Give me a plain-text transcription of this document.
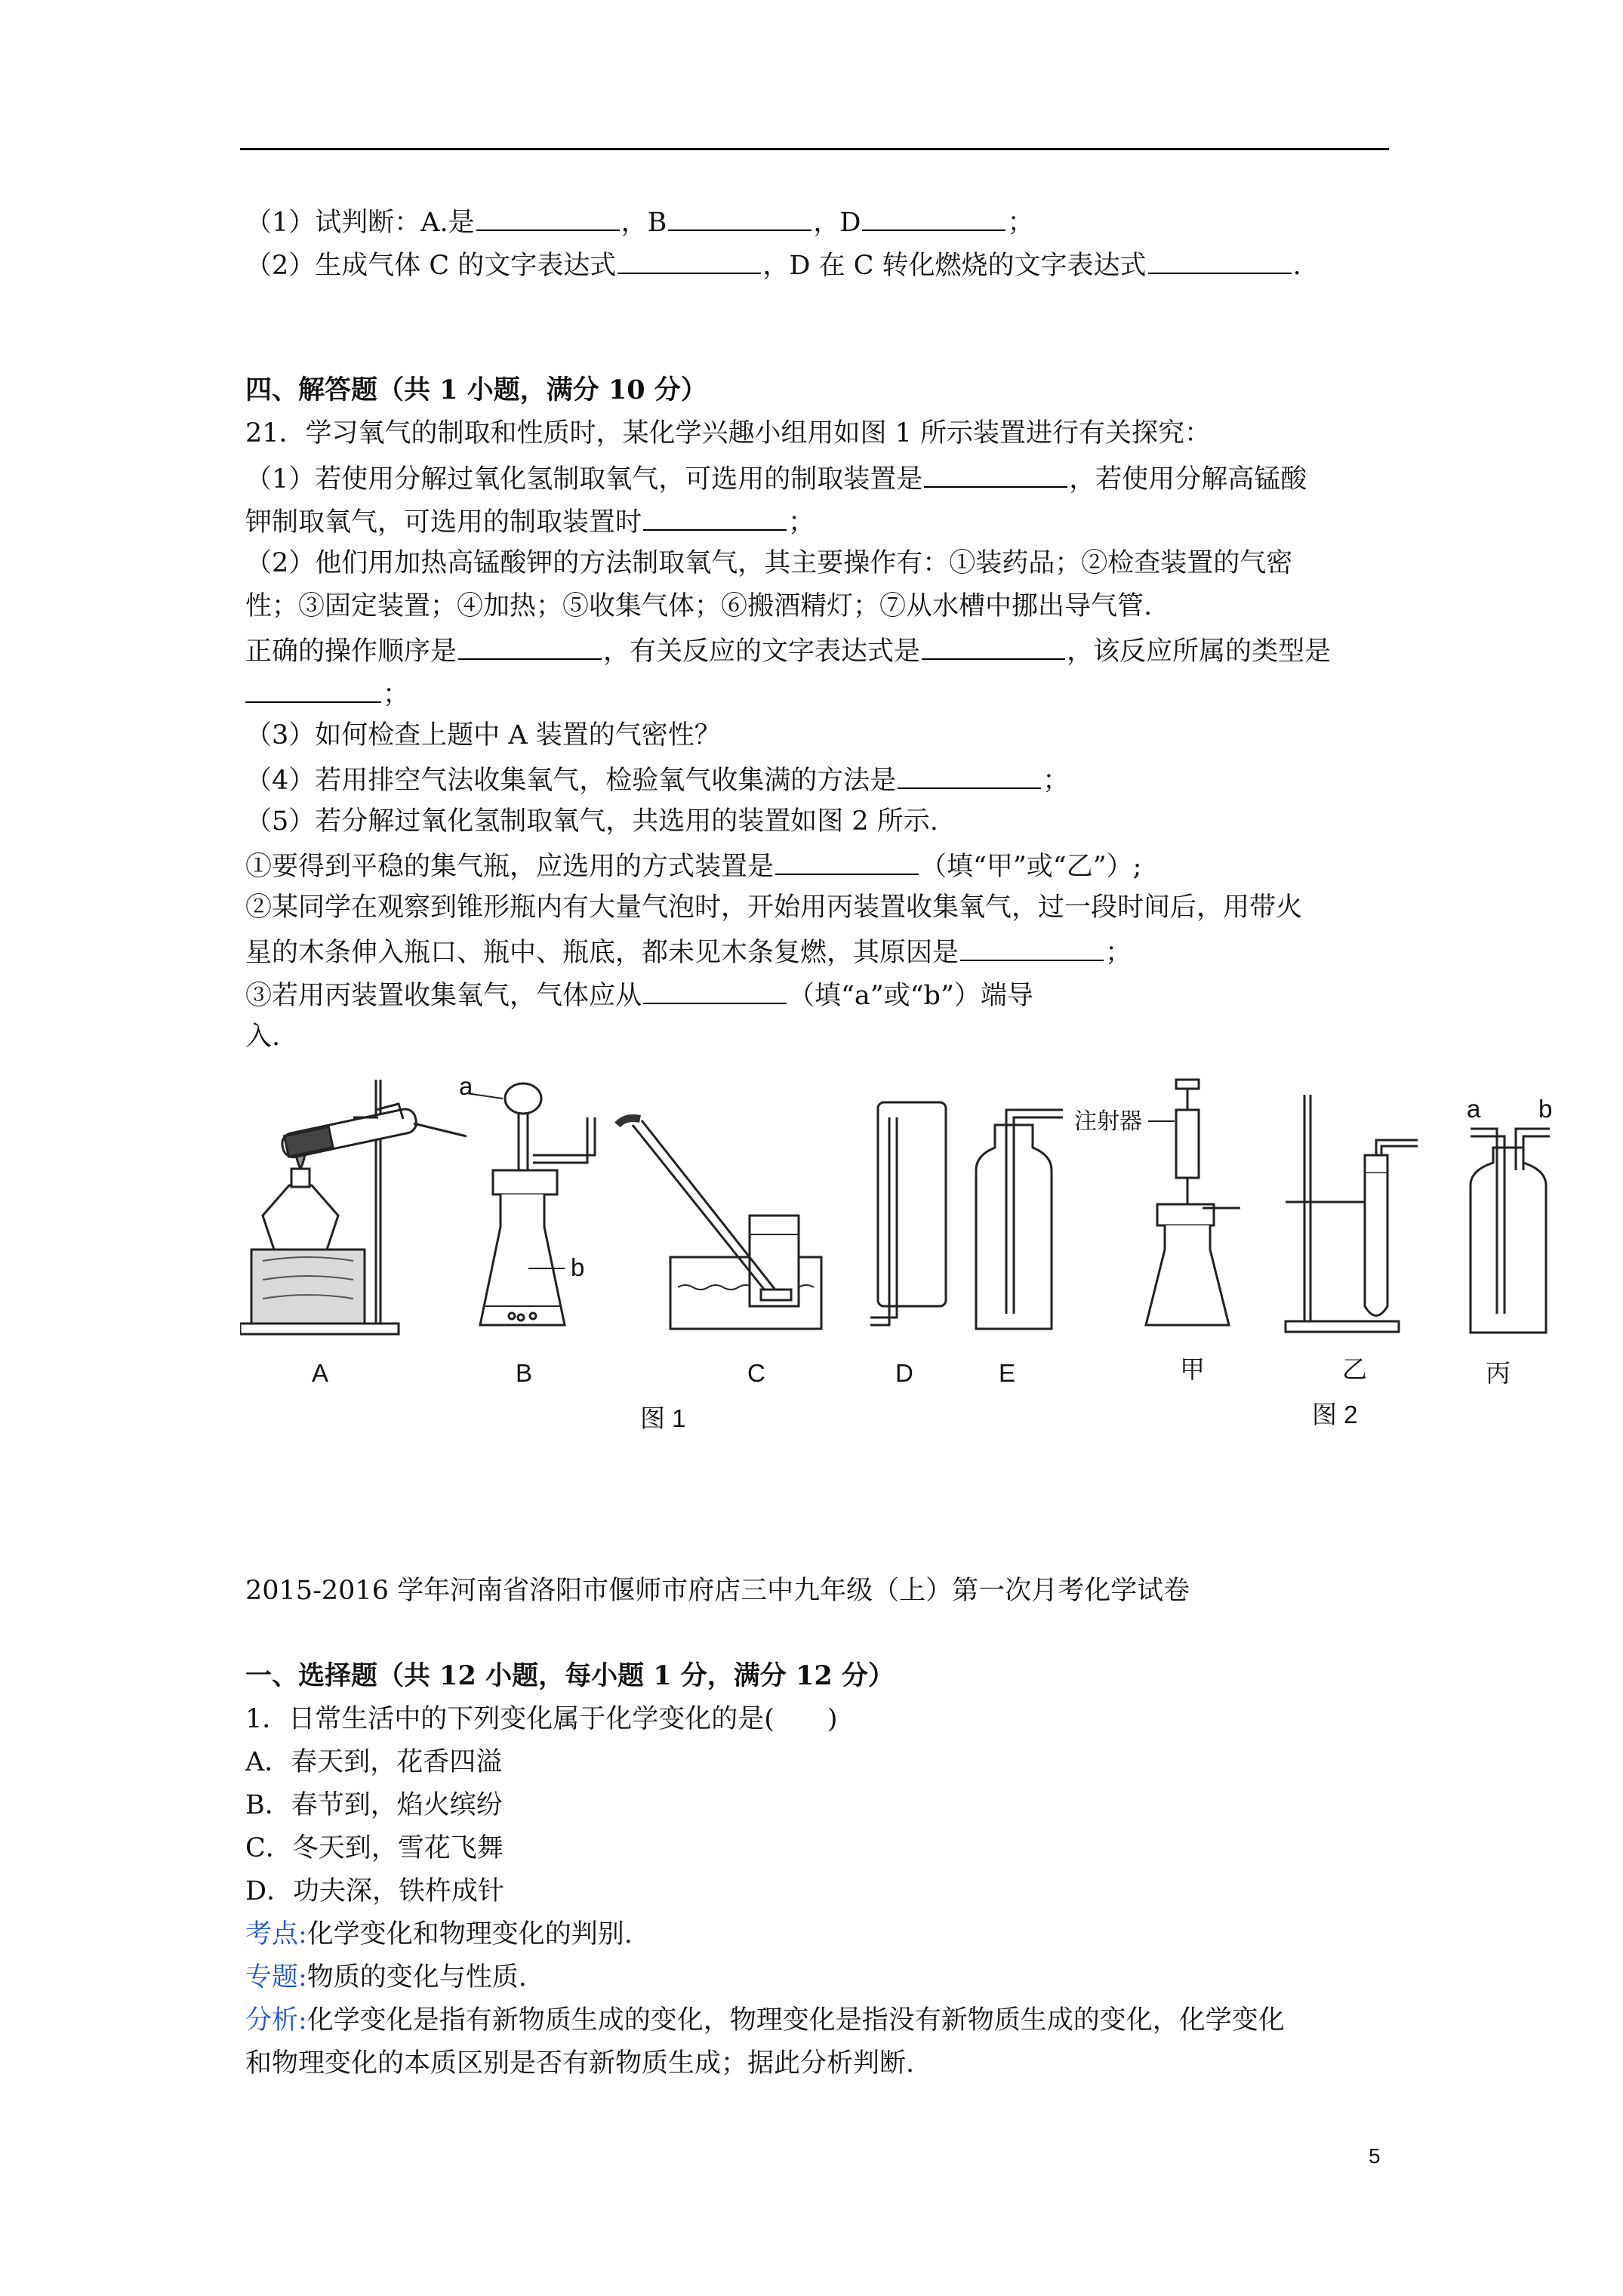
（1）试判断：A.是	，B	，D	；
（2）生成气体 C 的文字表达式	，D 在 C 转化燃烧的文字表达式	.
四、解答题（共 1 小题，满分 10 分）
21．学习氧气的制取和性质时，某化学兴趣小组用如图 1 所示装置进行有关探究：
（1）若使用分解过氧化氢制取氧气，可选用的制取装置是	，若使用分解高锰酸
钾制取氧气，可选用的制取装置时	；
（2）他们用加热高锰酸钾的方法制取氧气，其主要操作有：①装药品；②检查装置的气密
性；③固定装置；④加热；⑤收集气体；⑥搬酒精灯；⑦从水槽中挪出导气管.
正确的操作顺序是	，有关反应的文字表达式是	，该反应所属的类型是
；
（3）如何检查上题中 A 装置的气密性？
（4）若用排空气法收集氧气，检验氧气收集满的方法是	；
（5）若分解过氧化氢制取氧气，共选用的装置如图 2 所示.
①要得到平稳的集气瓶，应选用的方式装置是	（填“甲”或“乙”）;
②某同学在观察到锥形瓶内有大量气泡时，开始用丙装置收集氧气，过一段时间后，用带火
星的木条伸入瓶口、瓶中、瓶底，都未见木条复燃，其原因是	；
③若用丙装置收集氧气，气体应从	（填“a”或“b”）端导
入.
a
b
注射器	a b
A	B	C	D	E	甲	乙	丙
图 1	图 2
2015-2016 学年河南省洛阳市偃师市府店三中九年级（上）第一次月考化学试卷
一、选择题（共 12 小题，每小题 1 分，满分 12 分）
1．日常生活中的下列变化属于化学变化的是(　　)
A．春天到，花香四溢
B．春节到，焰火缤纷
C．冬天到，雪花飞舞
D．功夫深，铁杵成针
考点:化学变化和物理变化的判别.
专题:物质的变化与性质.
分析:化学变化是指有新物质生成的变化，物理变化是指没有新物质生成的变化，化学变化
和物理变化的本质区别是否有新物质生成；据此分析判断.
5
